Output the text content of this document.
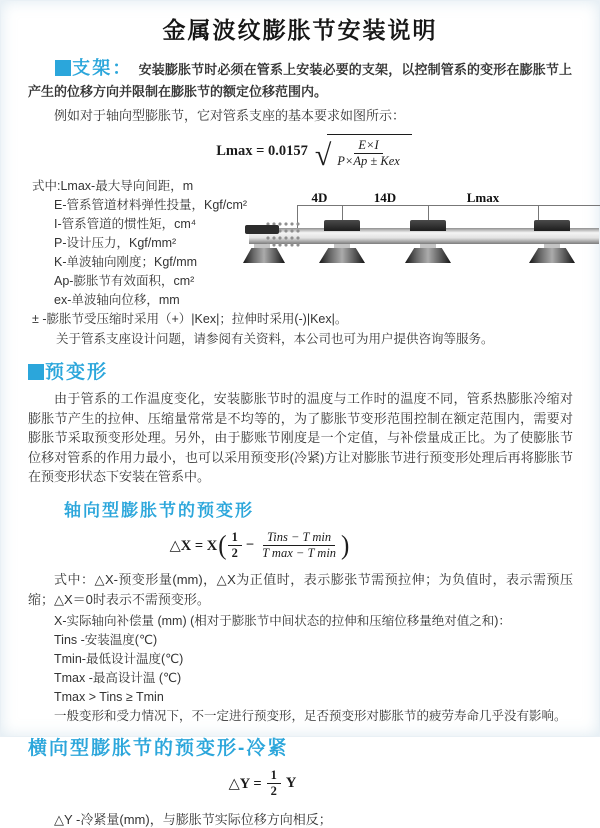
金属波纹膨胀节安装说明

支架： 安装膨胀节时必须在管系上安装必要的支架，以控制管系的变形在膨胀节上产生的位移方向并限制在膨胀节的额定位移范围内。

例如对于轴向型膨胀节，它对管系支座的基本要求如图所示：

Lmax = 0.0157 √ $\frac{E\times I}{\text{P×Ap ± Kex}}$
式中:Lmax-最大导向间距，m
E-管系管道材料弹性投量，Kgf/cm²
I-管系管道的惯性矩，cm⁴
P-设计压力，Kgf/mm²
K-单波轴向刚度；Kgf/mm
Ap-膨胀节有效面积，cm²
ex-单波轴向位移，mm
± -膨胀节受压缩时采用（+）|Kex|；拉伸时采用(-)|Kex|。

关于管系支座设计问题，请参阅有关资料，本公司也可为用户提供咨询等服务。

4D	14D	Lmax
预变形

由于管系的工作温度变化，安装膨胀节时的温度与工作时的温度不同，管系热膨胀冷缩对膨胀节产生的拉伸、压缩量常常是不均等的，为了膨胀节变形范围控制在额定范围内，需要对膨胀节采取预变形处理。另外，由于膨账节刚度是一个定值，与补偿量成正比。为了使膨胀节位移对管系的作用力最小，也可以采用预变形(冷紧)方让对膨胀节进行预变形处理后再将膨胀节在预变形状态下安装在管系中。

轴向型膨胀节的预变形
△X = X ( $\frac{1}{2} - \frac{\text{Tins − T min}}{\text{T max − T min}}$ )

式中：△X-预变形量(mm)，△X为正值时，表示膨张节需预拉伸；为负值时，表示需预压缩；△X＝0时表示不需预变形。

X-实际轴向补偿量 (mm) (相对于膨胀节中间状态的拉伸和压缩位移量绝对值之和)：
Tins -安装温度(℃)
Tmin-最低设计温度(℃)
Tmax -最高设计温 (℃)
Tmax > Tins ≥ Tmin
一般变形和受力情况下，不一定进行预变形，足否预变形对膨胀节的疲劳寿命几乎没有影响。
横向型膨胀节的预变形-冷紧
△Y = $\frac{1}{2}$ Y

△Y -冷紧量(mm)，与膨胀节实际位移方向相反；
